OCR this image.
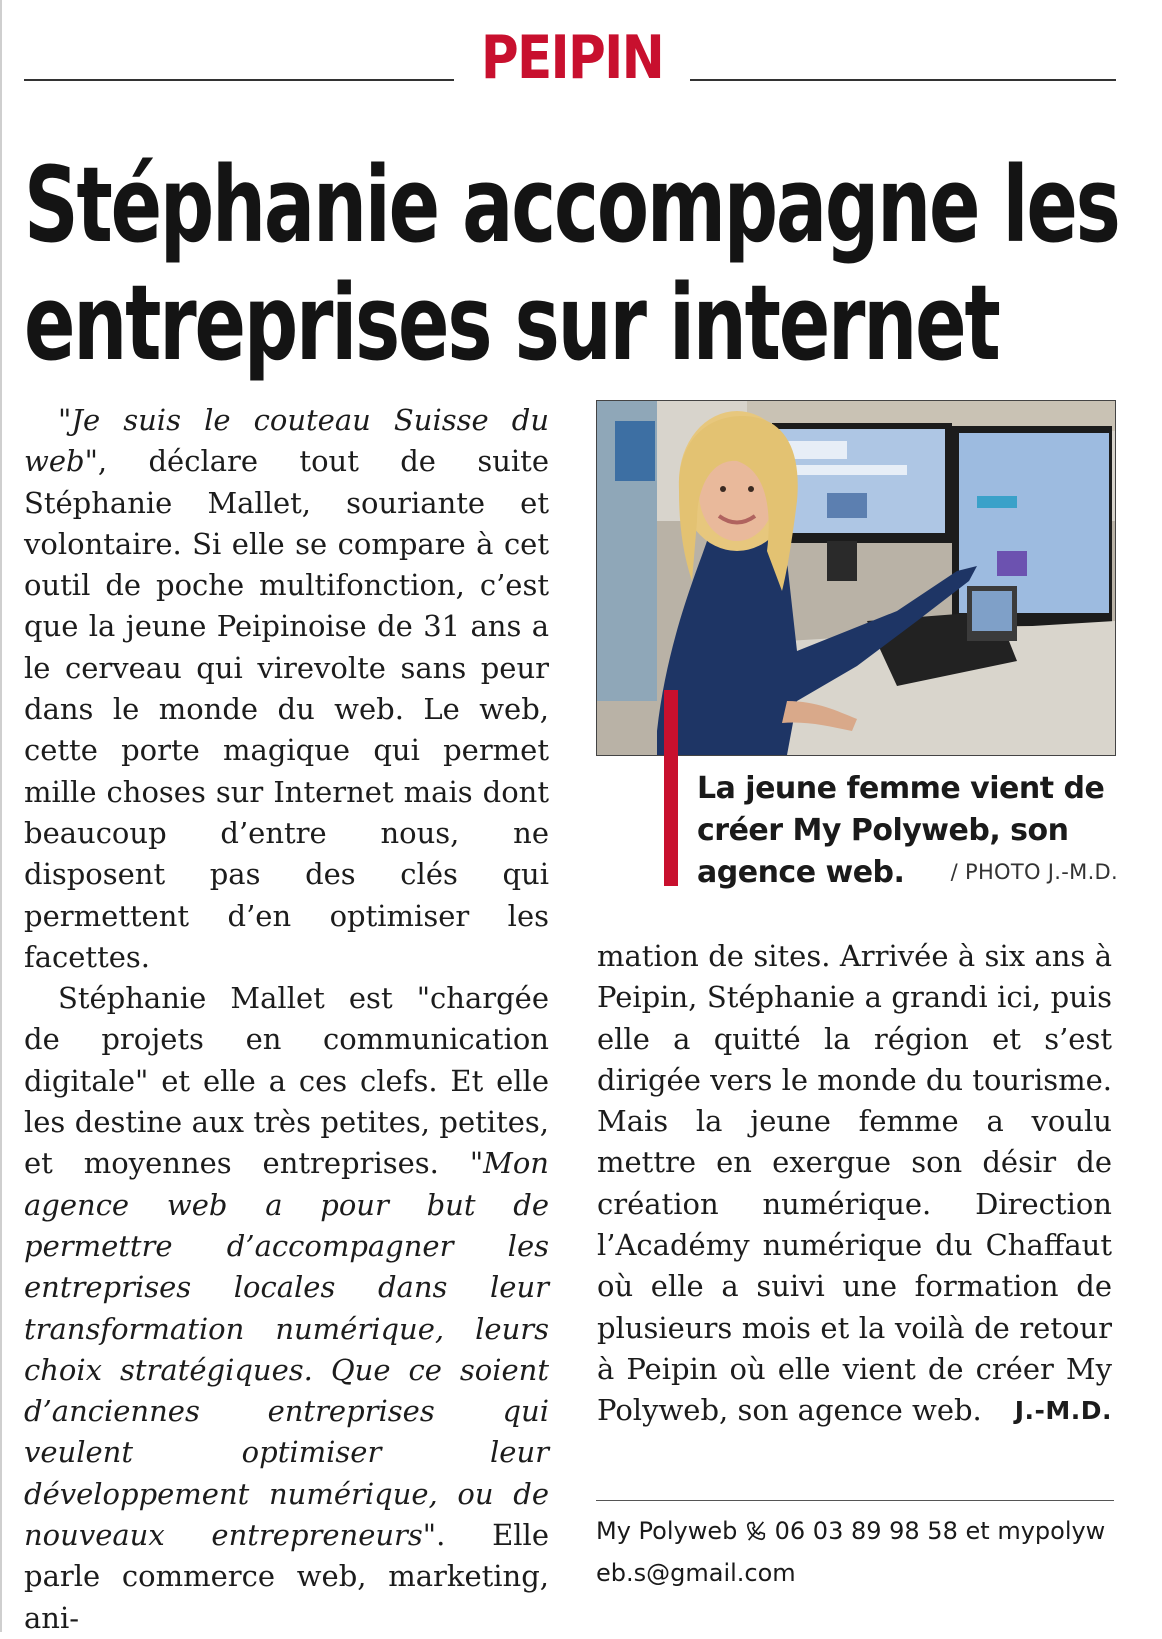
PEIPIN
Stéphanie accompagne les
entreprises sur internet

"Je suis le couteau Suisse du web", déclare tout de suite Stéphanie Mallet, souriante et volontaire. Si elle se compare à cet outil de poche multifonction, c’est que la jeune Peipinoise de 31 ans a le cerveau qui virevolte sans peur dans le monde du web. Le web, cette porte magique qui permet mille choses sur Internet mais dont beaucoup d’entre nous, ne disposent pas des clés qui permettent d’en optimiser les facettes.

Stéphanie Mallet est "chargée de projets en communication digitale" et elle a ces clefs. Et elle les destine aux très petites, petites, et moyennes entreprises. "Mon agence web a pour but de permettre d’accompagner les entreprises locales dans leur transformation numérique, leurs choix stratégiques. Que ce soient d’anciennes entreprises qui veulent optimiser leur développement numérique, ou de nouveaux entrepreneurs". Elle parle commerce web, marketing, ani-

La jeune femme vient de créer My Polyweb, son agence web.	/ PHOTO J.-M.D.

mation de sites. Arrivée à six ans à Peipin, Stéphanie a grandi ici, puis elle a quitté la région et s’est dirigée vers le monde du tourisme. Mais la jeune femme a voulu mettre en exergue son désir de création numérique. Direction l’Académy numérique du Chaffaut où elle a suivi une formation de plusieurs mois et la voilà de retour à Peipin où elle vient de créer My Polyweb, son agence web. J.-M.D.

My Polyweb 06 03 89 98 58 et mypolyweb.s@gmail.com
